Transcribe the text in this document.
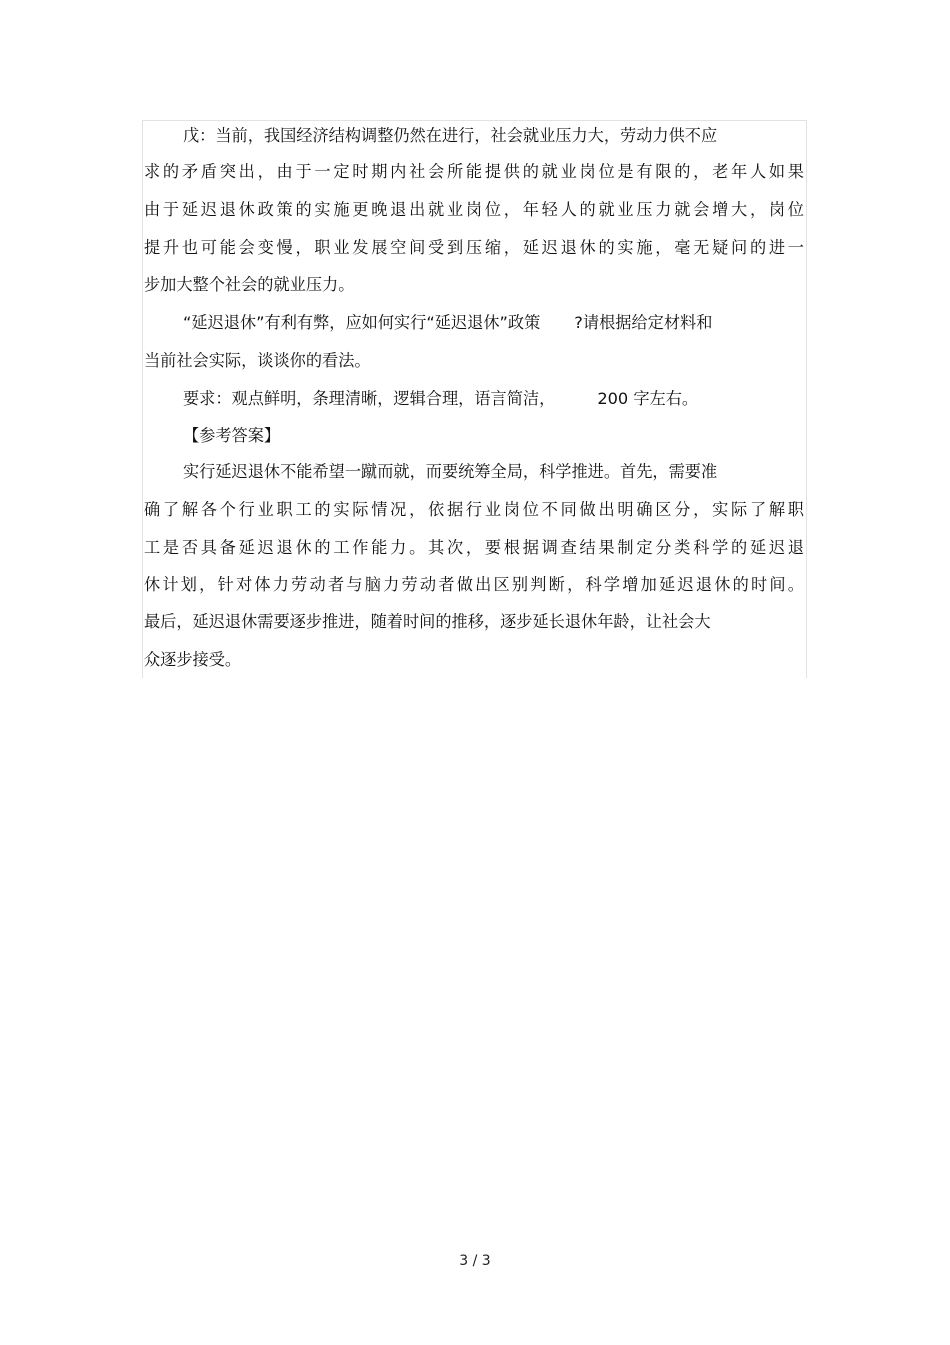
戊：当前，我国经济结构调整仍然在进行，社会就业压力大，劳动力供不应
求的矛盾突出，由于一定时期内社会所能提供的就业岗位是有限的，老年人如果
由于延迟退休政策的实施更晚退出就业岗位，年轻人的就业压力就会增大，岗位
提升也可能会变慢，职业发展空间受到压缩，延迟退休的实施，毫无疑问的进一
步加大整个社会的就业压力。
“延迟退休”有利有弊，应如何实行“延迟退休”政策 ?请根据给定材料和
当前社会实际，谈谈你的看法。
要求：观点鲜明，条理清晰，逻辑合理，语言简洁，	200 字左右。
【参考答案】
实行延迟退休不能希望一蹴而就，而要统筹全局，科学推进。首先，需要准
确了解各个行业职工的实际情况，依据行业岗位不同做出明确区分，实际了解职
工是否具备延迟退休的工作能力。其次，要根据调查结果制定分类科学的延迟退
休计划，针对体力劳动者与脑力劳动者做出区别判断，科学增加延迟退休的时间。
最后，延迟退休需要逐步推进，随着时间的推移，逐步延长退休年龄，让社会大
众逐步接受。
3 / 3
